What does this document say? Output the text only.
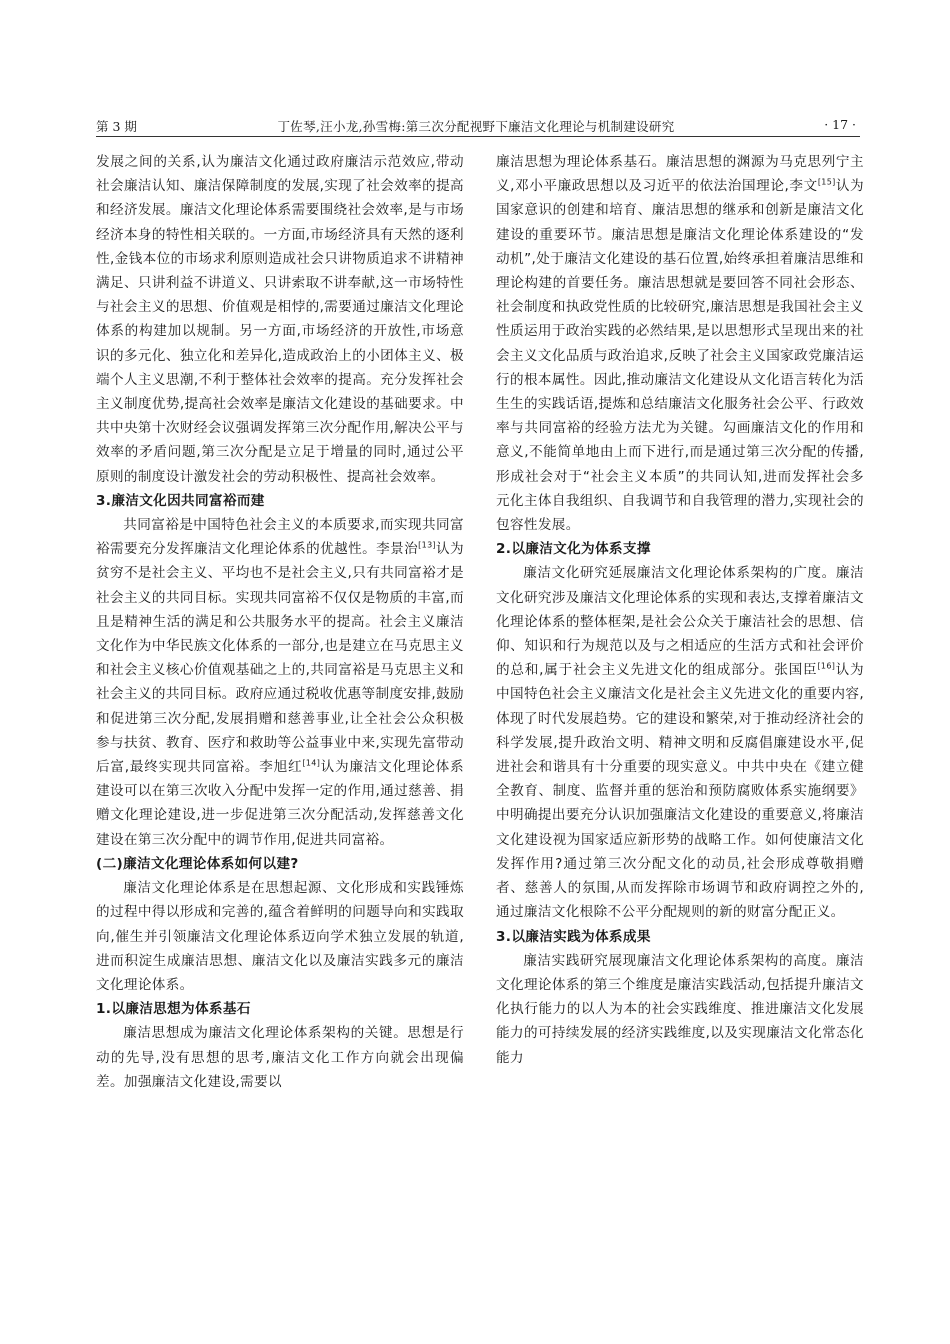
第 3 期	丁佐琴,汪小龙,孙雪梅:第三次分配视野下廉洁文化理论与机制建设研究	· 17 ·

发展之间的关系,认为廉洁文化通过政府廉洁示范效应,带动社会廉洁认知、廉洁保障制度的发展,实现了社会效率的提高和经济发展。廉洁文化理论体系需要围绕社会效率,是与市场经济本身的特性相关联的。一方面,市场经济具有天然的逐利性,金钱本位的市场求利原则造成社会只讲物质追求不讲精神满足、只讲利益不讲道义、只讲索取不讲奉献,这一市场特性与社会主义的思想、价值观是相悖的,需要通过廉洁文化理论体系的构建加以规制。另一方面,市场经济的开放性,市场意识的多元化、独立化和差异化,造成政治上的小团体主义、极端个人主义思潮,不利于整体社会效率的提高。充分发挥社会主义制度优势,提高社会效率是廉洁文化建设的基础要求。中共中央第十次财经会议强调发挥第三次分配作用,解决公平与效率的矛盾问题,第三次分配是立足于增量的同时,通过公平原则的制度设计激发社会的劳动积极性、提高社会效率。

3.廉洁文化因共同富裕而建

共同富裕是中国特色社会主义的本质要求,而实现共同富裕需要充分发挥廉洁文化理论体系的优越性。李景治[13]认为贫穷不是社会主义、平均也不是社会主义,只有共同富裕才是社会主义的共同目标。实现共同富裕不仅仅是物质的丰富,而且是精神生活的满足和公共服务水平的提高。社会主义廉洁文化作为中华民族文化体系的一部分,也是建立在马克思主义和社会主义核心价值观基础之上的,共同富裕是马克思主义和社会主义的共同目标。政府应通过税收优惠等制度安排,鼓励和促进第三次分配,发展捐赠和慈善事业,让全社会公众积极参与扶贫、教育、医疗和救助等公益事业中来,实现先富带动后富,最终实现共同富裕。李旭红[14]认为廉洁文化理论体系建设可以在第三次收入分配中发挥一定的作用,通过慈善、捐赠文化理论建设,进一步促进第三次分配活动,发挥慈善文化建设在第三次分配中的调节作用,促进共同富裕。

(二)廉洁文化理论体系如何以建?

廉洁文化理论体系是在思想起源、文化形成和实践锤炼的过程中得以形成和完善的,蕴含着鲜明的问题导向和实践取向,催生并引领廉洁文化理论体系迈向学术独立发展的轨道,进而积淀生成廉洁思想、廉洁文化以及廉洁实践多元的廉洁文化理论体系。

1.以廉洁思想为体系基石

廉洁思想成为廉洁文化理论体系架构的关键。思想是行动的先导,没有思想的思考,廉洁文化工作方向就会出现偏差。加强廉洁文化建设,需要以

廉洁思想为理论体系基石。廉洁思想的渊源为马克思列宁主义,邓小平廉政思想以及习近平的依法治国理论,李文[15]认为国家意识的创建和培育、廉洁思想的继承和创新是廉洁文化建设的重要环节。廉洁思想是廉洁文化理论体系建设的“发动机”,处于廉洁文化建设的基石位置,始终承担着廉洁思维和理论构建的首要任务。廉洁思想就是要回答不同社会形态、社会制度和执政党性质的比较研究,廉洁思想是我国社会主义性质运用于政治实践的必然结果,是以思想形式呈现出来的社会主义文化品质与政治追求,反映了社会主义国家政党廉洁运行的根本属性。因此,推动廉洁文化建设从文化语言转化为活生生的实践话语,提炼和总结廉洁文化服务社会公平、行政效率与共同富裕的经验方法尤为关键。勾画廉洁文化的作用和意义,不能简单地由上而下进行,而是通过第三次分配的传播,形成社会对于“社会主义本质”的共同认知,进而发挥社会多元化主体自我组织、自我调节和自我管理的潜力,实现社会的包容性发展。

2.以廉洁文化为体系支撑

廉洁文化研究延展廉洁文化理论体系架构的广度。廉洁文化研究涉及廉洁文化理论体系的实现和表达,支撑着廉洁文化理论体系的整体框架,是社会公众关于廉洁社会的思想、信仰、知识和行为规范以及与之相适应的生活方式和社会评价的总和,属于社会主义先进文化的组成部分。张国臣[16]认为中国特色社会主义廉洁文化是社会主义先进文化的重要内容,体现了时代发展趋势。它的建设和繁荣,对于推动经济社会的科学发展,提升政治文明、精神文明和反腐倡廉建设水平,促进社会和谐具有十分重要的现实意义。中共中央在《建立健全教育、制度、监督并重的惩治和预防腐败体系实施纲要》中明确提出要充分认识加强廉洁文化建设的重要意义,将廉洁文化建设视为国家适应新形势的战略工作。如何使廉洁文化发挥作用?通过第三次分配文化的动员,社会形成尊敬捐赠者、慈善人的氛围,从而发挥除市场调节和政府调控之外的,通过廉洁文化根除不公平分配规则的新的财富分配正义。

3.以廉洁实践为体系成果

廉洁实践研究展现廉洁文化理论体系架构的高度。廉洁文化理论体系的第三个维度是廉洁实践活动,包括提升廉洁文化执行能力的以人为本的社会实践维度、推进廉洁文化发展能力的可持续发展的经济实践维度,以及实现廉洁文化常态化能力
